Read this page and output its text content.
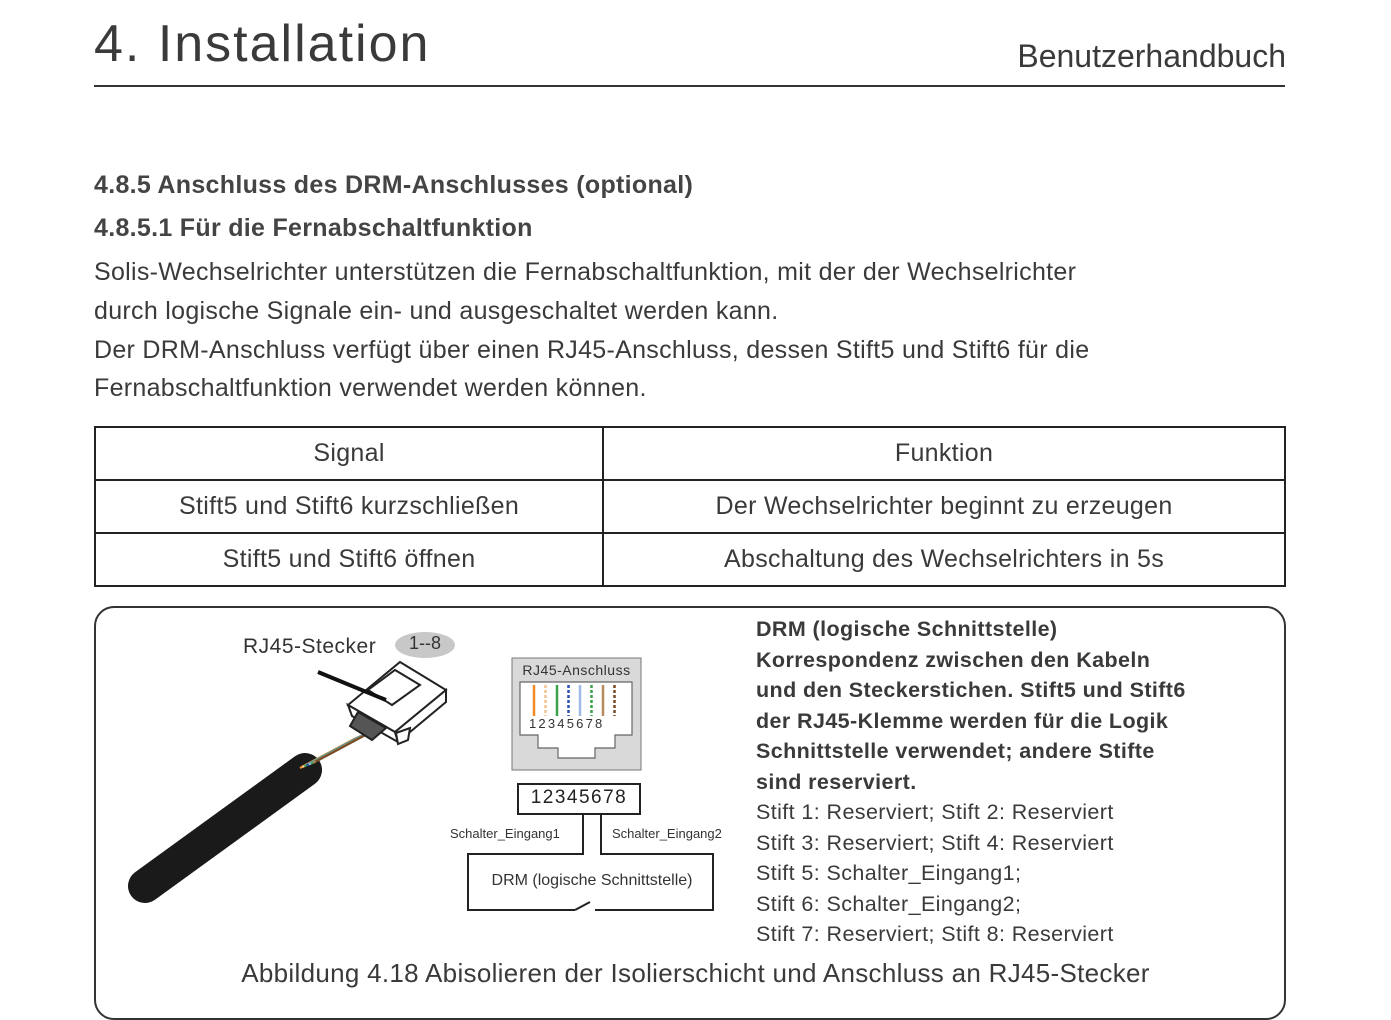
4. Installation	Benutzerhandbuch
4.8.5 Anschluss des DRM-Anschlusses (optional)
4.8.5.1 Für die Fernabschaltfunktion
Solis-Wechselrichter unterstützen die Fernabschaltfunktion, mit der der Wechselrichter
durch logische Signale ein- und ausgeschaltet werden kann.
Der DRM-Anschluss verfügt über einen RJ45-Anschluss, dessen Stift5 und Stift6 für die
Fernabschaltfunktion verwendet werden können.
Signal	Funktion
Stift5 und Stift6 kurzschließen	Der Wechselrichter beginnt zu erzeugen
Stift5 und Stift6 öffnen	Abschaltung des Wechselrichters in 5s
RJ45-Stecker	1--8
RJ45-Anschluss
12345678
12345678
Schalter_Eingang1	Schalter_Eingang2
DRM (logische Schnittstelle)
DRM (logische Schnittstelle)
Korrespondenz zwischen den Kabeln
und den Steckerstichen. Stift5 und Stift6
der RJ45-Klemme werden für die Logik
Schnittstelle verwendet; andere Stifte
sind reserviert.
Stift 1: Reserviert; Stift 2: Reserviert
Stift 3: Reserviert; Stift 4: Reserviert
Stift 5: Schalter_Eingang1;
Stift 6: Schalter_Eingang2;
Stift 7: Reserviert; Stift 8: Reserviert
Abbildung 4.18 Abisolieren der Isolierschicht und Anschluss an RJ45-Stecker
